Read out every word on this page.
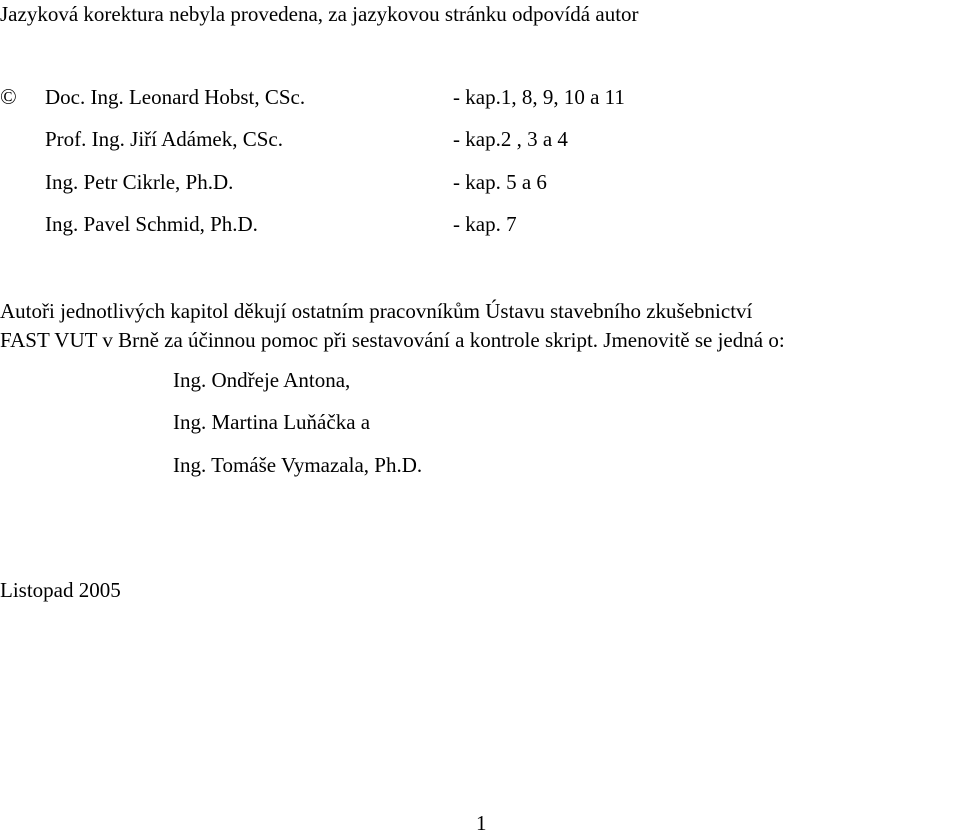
Jazyková korektura nebyla provedena, za jazykovou stránku odpovídá autor
© Doc. Ing. Leonard Hobst, CSc.	- kap.1, 8, 9, 10 a 11
Prof. Ing. Jiří Adámek, CSc.	- kap.2 , 3 a 4
Ing. Petr Cikrle, Ph.D.	- kap. 5 a 6
Ing. Pavel Schmid, Ph.D.	- kap. 7
Autoři jednotlivých kapitol děkují ostatním pracovníkům Ústavu stavebního zkušebnictví
FAST VUT v Brně za účinnou pomoc při sestavování a kontrole skript. Jmenovitě se jedná o:
Ing. Ondřeje Antona,
Ing. Martina Luňáčka a
Ing. Tomáše Vymazala, Ph.D.
Listopad 2005
1
